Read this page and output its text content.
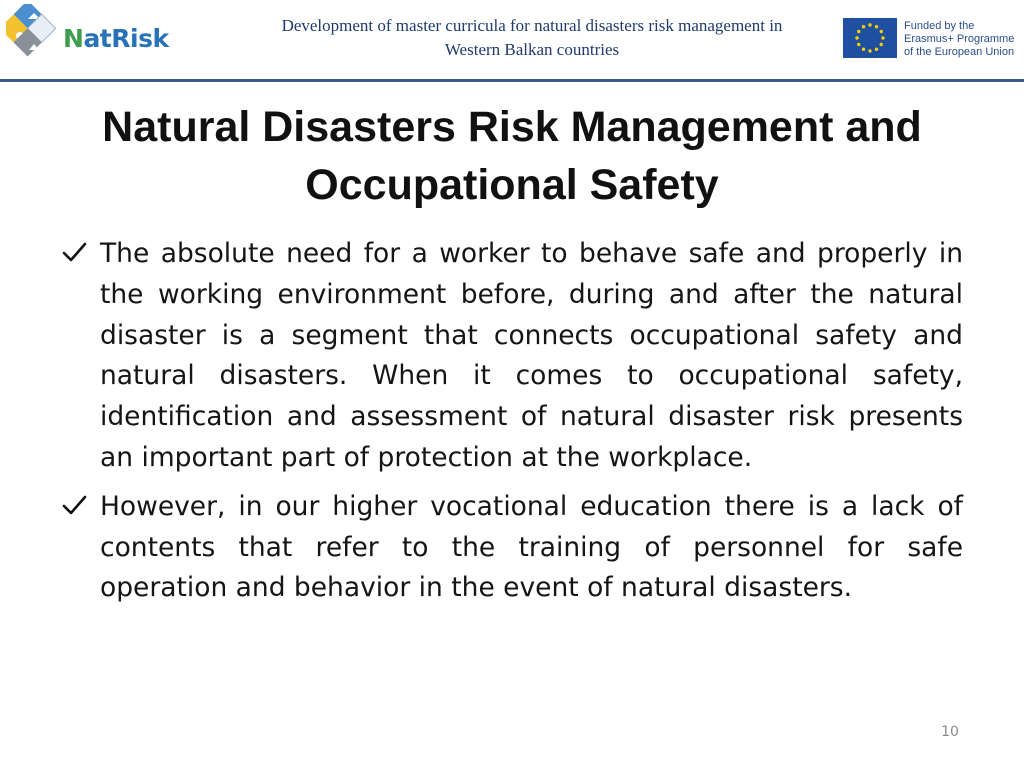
NatRisk	Development of master curricula for natural disasters risk management in Western Balkan countries
Funded by the
Erasmus+ Programme
of the European Union
Natural Disasters Risk Management and Occupational Safety
The absolute need for a worker to behave safe and properly in the working environment before, during and after the natural disaster is a segment that connects occupational safety and natural disasters. When it comes to occupational safety, identification and assessment of natural disaster risk presents an important part of protection at the workplace.
However, in our higher vocational education there is a lack of contents that refer to the training of personnel for safe operation and behavior in the event of natural disasters.
10
